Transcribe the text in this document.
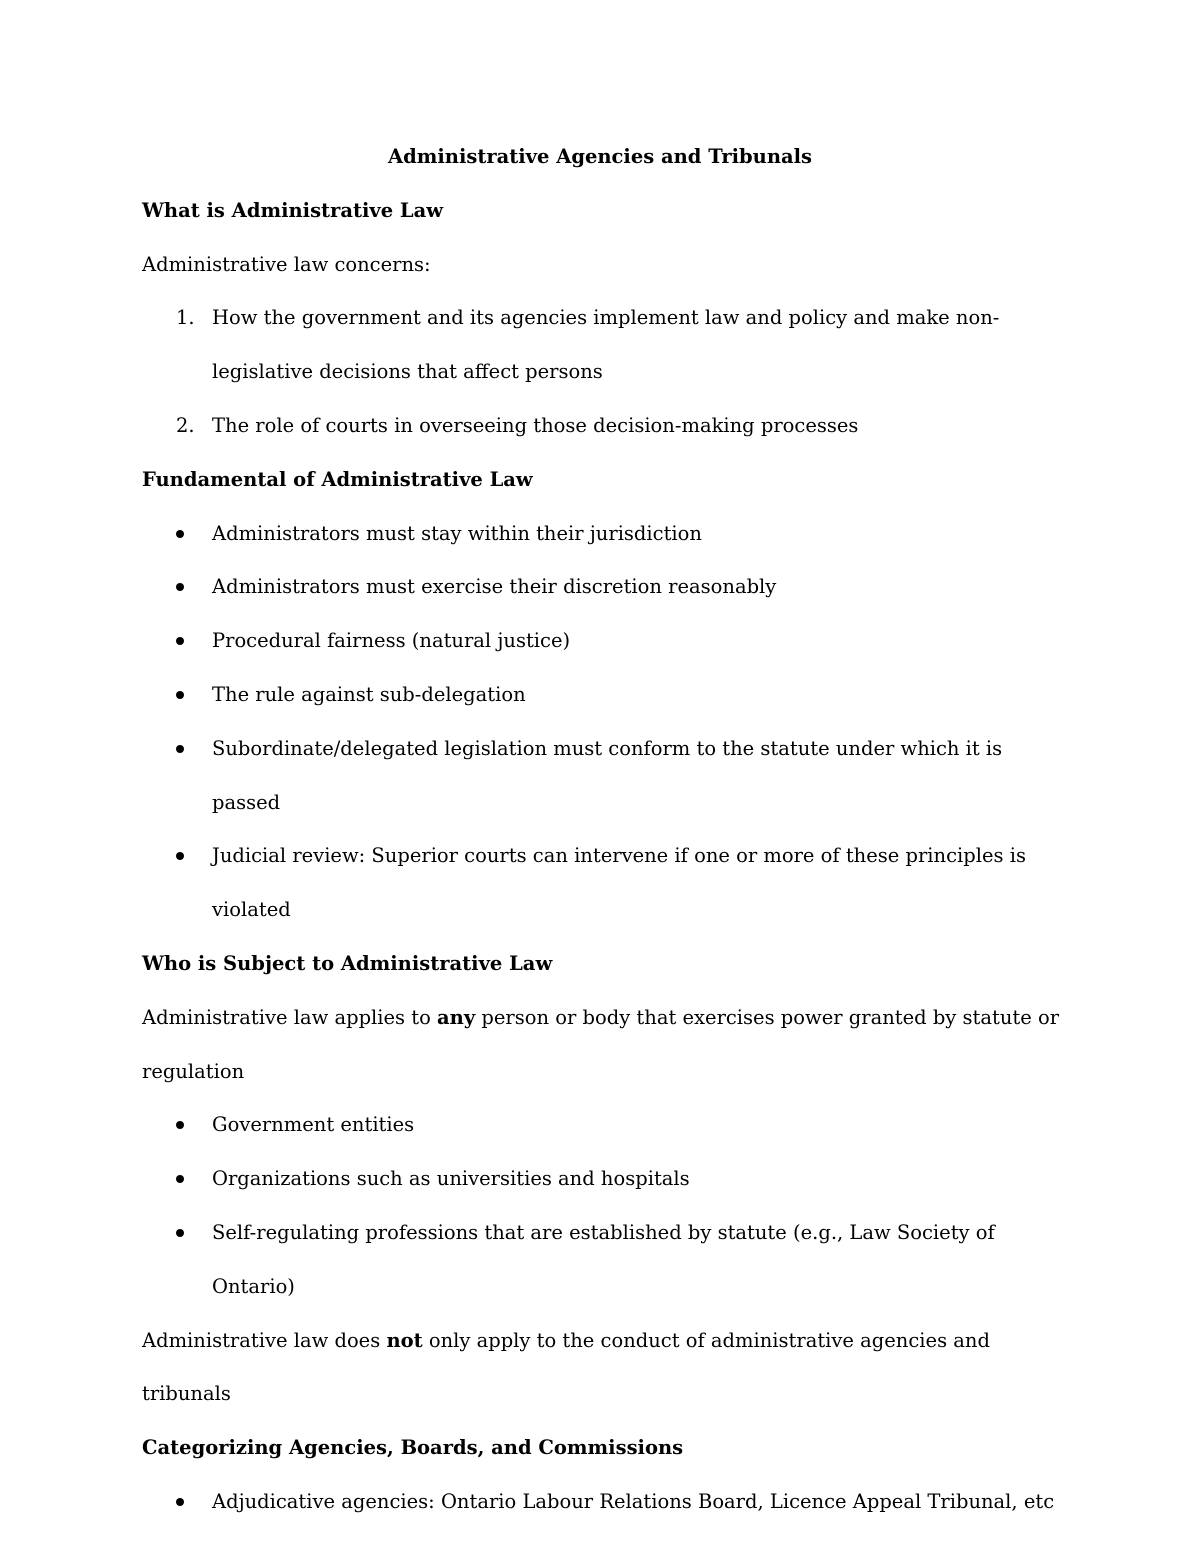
Administrative Agencies and Tribunals

What is Administrative Law

Administrative law concerns:

1. How the government and its agencies implement law and policy and make non-legislative decisions that affect persons
2. The role of courts in overseeing those decision-making processes

Fundamental of Administrative Law

Administrators must stay within their jurisdiction
Administrators must exercise their discretion reasonably
Procedural fairness (natural justice)
The rule against sub-delegation
Subordinate/delegated legislation must conform to the statute under which it is passed
Judicial review: Superior courts can intervene if one or more of these principles is violated

Who is Subject to Administrative Law

Administrative law applies to any person or body that exercises power granted by statute or regulation

Government entities
Organizations such as universities and hospitals
Self-regulating professions that are established by statute (e.g., Law Society of Ontario)

Administrative law does not only apply to the conduct of administrative agencies and tribunals

Categorizing Agencies, Boards, and Commissions

Adjudicative agencies: Ontario Labour Relations Board, Licence Appeal Tribunal, etc
